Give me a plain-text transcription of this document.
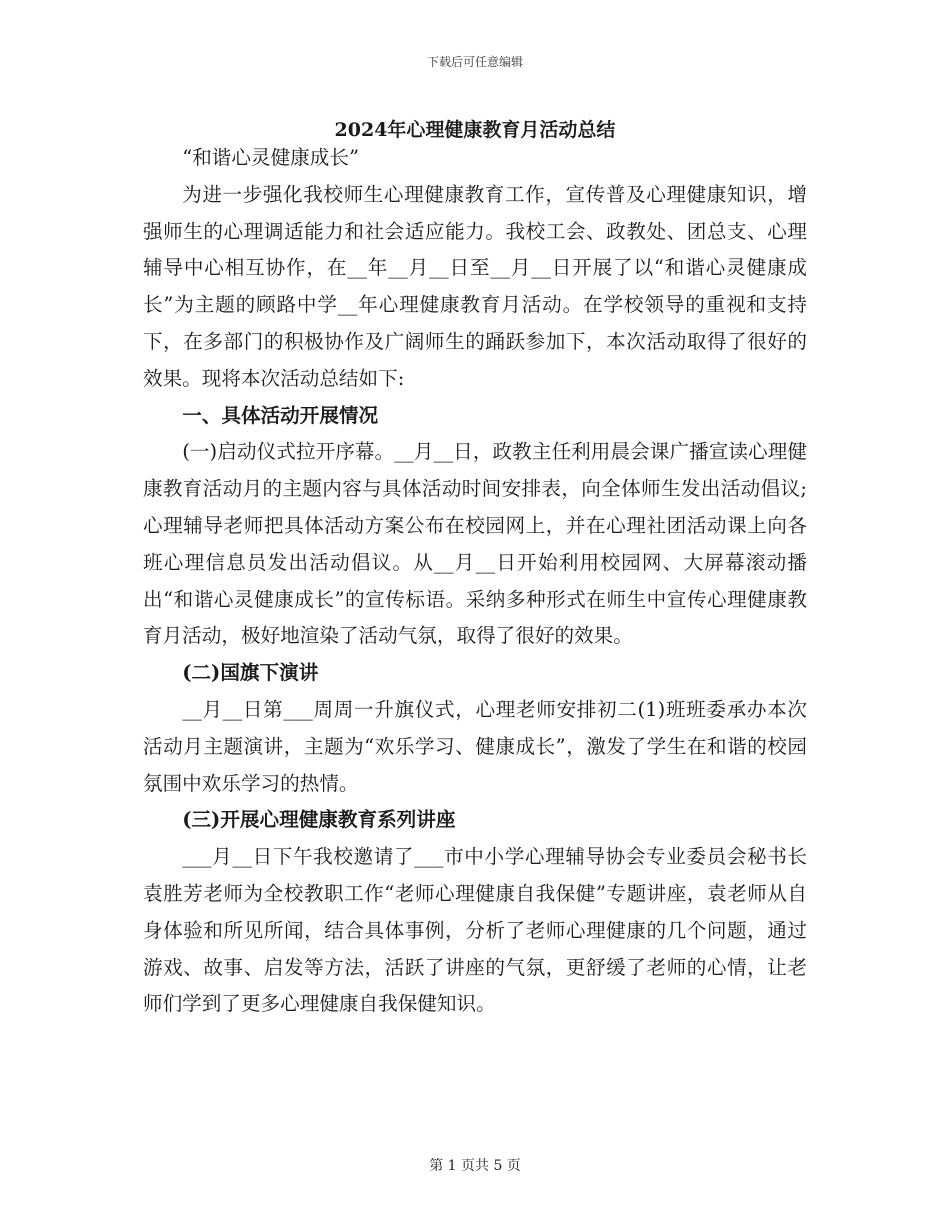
下载后可任意编辑
2024年心理健康教育月活动总结

“和谐心灵健康成长”

为进一步强化我校师生心理健康教育工作，宣传普及心理健康知识，增强师生的心理调适能力和社会适应能力。我校工会、政教处、团总支、心理辅导中心相互协作，在__年__月__日至__月__日开展了以“和谐心灵健康成长”为主题的顾路中学__年心理健康教育月活动。在学校领导的重视和支持下，在多部门的积极协作及广阔师生的踊跃参加下，本次活动取得了很好的效果。现将本次活动总结如下:

一、具体活动开展情况

(一)启动仪式拉开序幕。__月__日，政教主任利用晨会课广播宣读心理健康教育活动月的主题内容与具体活动时间安排表，向全体师生发出活动倡议;心理辅导老师把具体活动方案公布在校园网上，并在心理社团活动课上向各班心理信息员发出活动倡议。从__月__日开始利用校园网、大屏幕滚动播出“和谐心灵健康成长”的宣传标语。采纳多种形式在师生中宣传心理健康教育月活动，极好地渲染了活动气氛，取得了很好的效果。

(二)国旗下演讲

__月__日第___周周一升旗仪式，心理老师安排初二(1)班班委承办本次活动月主题演讲，主题为“欢乐学习、健康成长”，激发了学生在和谐的校园氛围中欢乐学习的热情。

(三)开展心理健康教育系列讲座

___月__日下午我校邀请了___市中小学心理辅导协会专业委员会秘书长袁胜芳老师为全校教职工作“老师心理健康自我保健”专题讲座，袁老师从自身体验和所见所闻，结合具体事例，分析了老师心理健康的几个问题，通过游戏、故事、启发等方法，活跃了讲座的气氛，更舒缓了老师的心情，让老师们学到了更多心理健康自我保健知识。

第 1 页共 5 页
